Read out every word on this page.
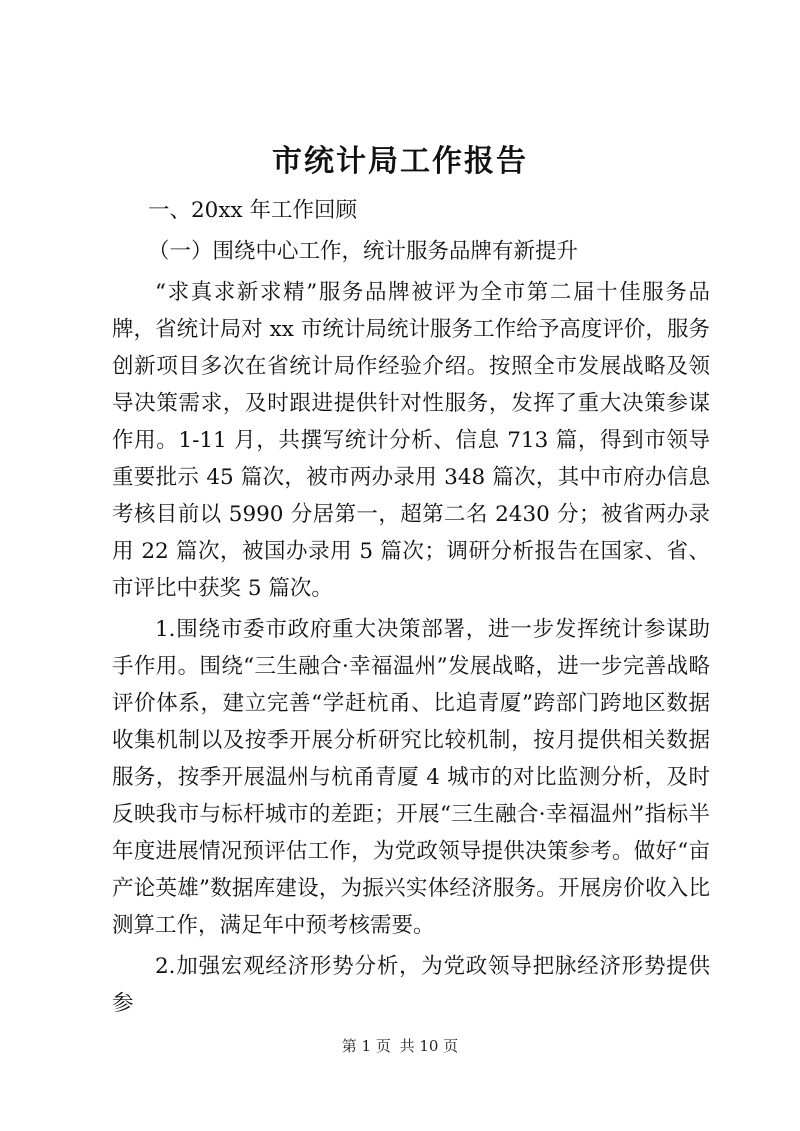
市统计局工作报告

一、20xx 年工作回顾

（一）围绕中心工作，统计服务品牌有新提升

“求真求新求精”服务品牌被评为全市第二届十佳服务品牌，省统计局对 xx 市统计局统计服务工作给予高度评价，服务创新项目多次在省统计局作经验介绍。按照全市发展战略及领导决策需求，及时跟进提供针对性服务，发挥了重大决策参谋作用。1-11 月，共撰写统计分析、信息 713 篇，得到市领导重要批示 45 篇次，被市两办录用 348 篇次，其中市府办信息考核目前以 5990 分居第一，超第二名 2430 分；被省两办录用 22 篇次，被国办录用 5 篇次；调研分析报告在国家、省、市评比中获奖 5 篇次。

1.围绕市委市政府重大决策部署，进一步发挥统计参谋助手作用。围绕“三生融合·幸福温州”发展战略，进一步完善战略评价体系，建立完善“学赶杭甬、比追青厦”跨部门跨地区数据收集机制以及按季开展分析研究比较机制，按月提供相关数据服务，按季开展温州与杭甬青厦 4 城市的对比监测分析，及时反映我市与标杆城市的差距；开展“三生融合·幸福温州”指标半年度进展情况预评估工作，为党政领导提供决策参考。做好“亩产论英雄”数据库建设，为振兴实体经济服务。开展房价收入比测算工作，满足年中预考核需要。

2.加强宏观经济形势分析，为党政领导把脉经济形势提供参

第 1 页 共 10 页
